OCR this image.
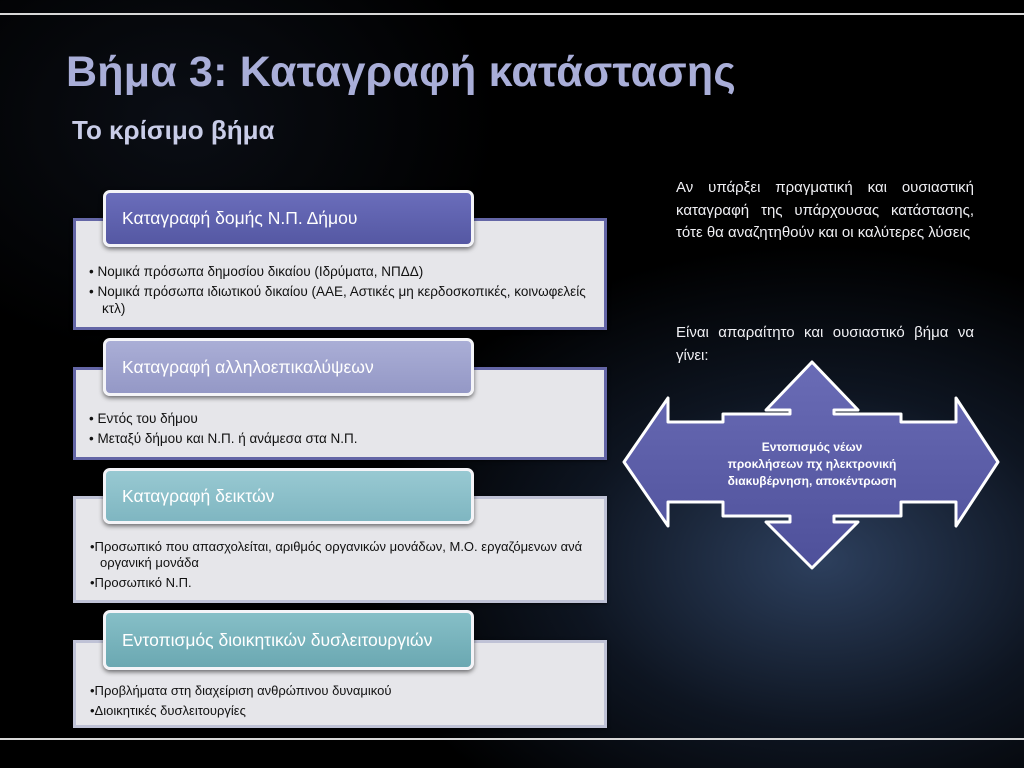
Βήμα 3: Καταγραφή κατάστασης
Το κρίσιμο βήμα
• Νομικά πρόσωπα δημοσίου δικαίου (Ιδρύματα, ΝΠΔΔ)
• Νομικά πρόσωπα ιδιωτικού δικαίου (ΑΑΕ, Αστικές μη κερδοσκοπικές, κοινωφελείς κτλ)
Καταγραφή δομής Ν.Π. Δήμου
• Εντός του δήμου
• Μεταξύ δήμου και Ν.Π. ή ανάμεσα στα Ν.Π.
Καταγραφή αλληλοεπικαλύψεων
•Προσωπικό που απασχολείται, αριθμός οργανικών μονάδων, Μ.Ο. εργαζόμενων ανά οργανική μονάδα
•Προσωπικό Ν.Π.
Καταγραφή δεικτών
•Προβλήματα στη διαχείριση ανθρώπινου δυναμικού
•Διοικητικές δυσλειτουργίες
Εντοπισμός διοικητικών δυσλειτουργιών

Αν υπάρξει πραγματική και ουσιαστική καταγραφή της υπάρχουσας κατάστασης, τότε θα αναζητηθούν και οι καλύτερες λύσεις

Είναι απαραίτητο και ουσιαστικό βήμα να γίνει:

Εντοπισμός νέων προκλήσεων πχ ηλεκτρονική διακυβέρνηση, αποκέντρωση
